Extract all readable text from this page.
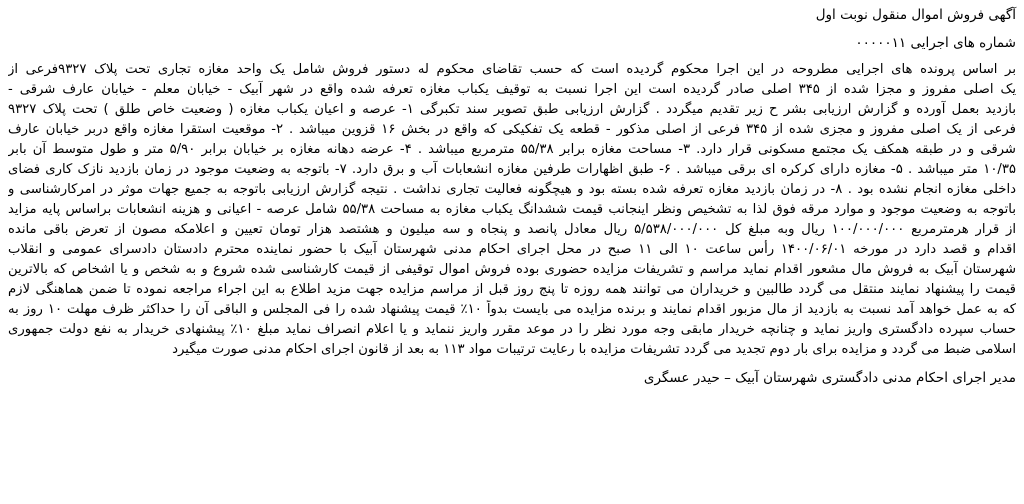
آگهی فروش اموال منقول نوبت اول
شماره های اجرایی ۰۰۰۰۰۱۱
بر اساس پرونده های اجرایی مطروحه در این اجرا محکوم گردیده است که حسب تقاضای محکوم له دستور فروش شامل یک واحد مغازه تجاری تحت پلاک ۹۳۲۷فرعی از
یک اصلی مفروز و مجزا شده از ۳۴۵ اصلی صادر گردیده است این اجرا نسبت به توقیف یکباب مغازه تعرفه شده واقع در شهر آبیک - خیابان معلم - خیابان عارف شرقی -
بازدید بعمل آورده و گزارش ارزیابی بشر ح زیر تقدیم میگردد . گزارش ارزیابی طبق تصویر سند تکبرگی ۱- عرصه و اعیان یکباب مغازه ( وضعیت خاص طلق ) تحت پلاک ۹۳۲۷
فرعی از یک اصلی مفروز و مجزی شده از ۳۴۵ فرعی از اصلی مذکور - قطعه یک تفکیکی که واقع در بخش ۱۶ قزوین میباشد . ۲- موقعیت استقرا مغازه واقع دربر خیابان عارف
شرقی و در طبقه همکف یک مجتمع مسکونی قرار دارد. ۳- مساحت مغازه برابر ۵۵/۳۸ مترمربع میباشد . ۴- عرضه دهانه مغازه بر خیابان برابر ۵/۹۰ متر و طول متوسط آن بابر
۱۰/۳۵ متر میباشد . ۵- مغازه دارای کرکره ای برقی میباشد . ۶- طبق اظهارات طرفین مغازه انشعابات آب و برق دارد. ۷- باتوجه به وضعیت موجود در زمان بازدید نازک کاری فضای
داخلی مغازه انجام نشده بود . ۸- در زمان بازدید مغازه تعرفه شده بسته بود و هیچگونه فعالیت تجاری نداشت . نتیجه گزارش ارزیابی باتوجه به جمیع جهات موثر در امرکارشناسی و
باتوجه به وضعیت موجود و موارد مرقه فوق لذا به تشخیص ونظر اینجانب قیمت ششدانگ یکباب مغازه به مساحت ۵۵/۳۸ شامل عرصه - اعیانی و هزینه انشعابات براساس پایه مزاید
از قرار هرمترمربع ۱۰۰/۰۰۰/۰۰۰ ریال وبه مبلغ کل ۵/۵۳۸/۰۰۰/۰۰۰ ریال معادل پانصد و پنجاه و سه میلیون و هشتصد هزار تومان تعیین و اعلامکه مصون از تعرض باقی مانده
اقدام و قصد دارد در مورخه ۱۴۰۰/۰۶/۰۱ رأس ساعت ۱۰ الی ۱۱ صبح در محل اجرای احکام مدنی شهرستان آبیک با حضور نماینده محترم دادستان دادسرای عمومی و انقلاب
شهرستان آبیک به فروش مال مشعور اقدام نماید مراسم و تشریفات مزایده حضوری بوده فروش اموال توقیفی از قیمت کارشناسی شده شروع و به شخص و یا اشخاص که بالاترین
قیمت را پیشنهاد نمایند منتقل می گردد طالبین و خریداران می توانند همه روزه تا پنج روز قبل از مراسم مزایده جهت مزید اطلاع به این اجراء مراجعه نموده تا ضمن هماهنگی لازم
که به عمل خواهد آمد نسبت به بازدید از مال مزبور اقدام نمایند و برنده مزایده می بایست بدواً ۱۰٪ قیمت پیشنهاد شده را فی المجلس و الباقی آن را حداکثر ظرف مهلت ۱۰ روز به
حساب سپرده دادگستری واریز نماید و چنانچه خریدار مابقی وجه مورد نظر را در موعد مقرر واریز ننماید و یا اعلام انصراف نماید مبلغ ۱۰٪ پیشنهادی خریدار به نفع دولت جمهوری
اسلامی ضبط می گردد و مزایده برای بار دوم تجدید می گردد تشریفات مزایده با رعایت ترتیبات مواد ۱۱۳ به بعد از قانون اجرای احکام مدنی صورت میگیرد
مدیر اجرای احکام مدنی دادگستری شهرستان آبیک – حیدر عسگری
